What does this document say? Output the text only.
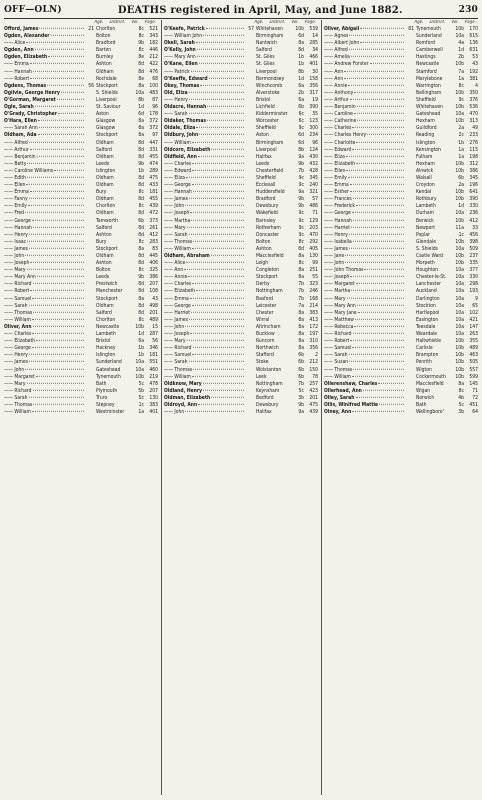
OFF—OLN)	DEATHS registered in April, May, and June 1882.	230
Age. District. Vol. Page.
Offord, James	21 Chorlton	8c	521
Ogden, Alexander	Bolton	8c	343
—— Alice	Bradford	9b	182
Ogden, Ann	Barton	8c	446
Ogden, Elizabeth	Burnley	8e	212
—— Emma	Ashton	8d	422
—— Hannah	Oldham	8d	476
—— Robert	Rochdale	8e	68
Ogdens, Thomas	56 Stockport	8a	100
Ogilvie, George Henry	S. Shields	10a	483
O'Gorman, Margaret	Liverpool	8b	87
Ogle, Sarah	St. Saviour	1d	96
O'Grady, Christopher	Aston	6d	178
O'Hara, Ellen	Glasgow	8a	372
—— Sarah Ann	Glasgow	8a	372
Oldham, Ada	Stockport	8a	97
—— Alfred	Oldham	8d	447
—— Arthur	Salford	8d	331
—— Benjamin	Oldham	8d	455
—— Betty	Leeds	9b	474
—— Caroline Williams	Islington	1b	289
—— Edith	Oldham	8d	475
—— Ellen	Oldham	8d	433
—— Emma	Bury	8c	181
—— Fanny	Oldham	8d	455
—— Emily	Chorlton	8c	439
—— Fred	Oldham	8d	472
—— George	Tamworth	6b	373
—— Hannah	Salford	8d	261
—— Henry	Ashton	8d	412
—— Isaac	Bury	8c	283
—— James	Stockport	8a	83
—— John	Oldham	8d	445
—— Joseph	Ashton	8d	406
—— Mary	Bolton	8c	325
—— Mary Ann	Leeds	9b	386
—— Richard	Prestwich	8d	207
—— Robert	Manchester	8d	108
—— Samuel	Stockport	8a	43
—— Sarah	Oldham	8d	498
—— Thomas	Salford	8d	201
—— William	Chorlton	8c	489
Oliver, Ann	Newcastle	10b	15
—— Charles	Lambeth	1d	287
—— Elizabeth	Bristol	6a	56
—— George	Hackney	1b	346
—— Henry	Islington	1b	181
—— James	Sunderland	10a	551
—— John	Gateshead	10a	460
—— Margaret	Tynemouth	10b	219
—— Mary	Bath	5c	478
—— Richard	Plymouth	5b	207
—— Sarah	Truro	5c	130
—— Thomas	Stepney	1c	383
—— William	Westminster	1a	401
Age. District. Vol. Page.
O'Keefe, Patrick	57 Whitehaven	10b	539
—— William John	Birmingham	6d	14
Okell, Sarah	Nantwich	8a	285
O'Kelly, John	Salford	8d	34
—— Mary Ann	St. Giles	1b	466
O'Kane, Ellen	St. Giles	1b	401
—— Patrick	Liverpool	8b	30
O'Keeffe, Edward	Bermondsey	1d	158
Okey, Thomas	Winchcomb	6a	356
Old, Eliza	Alverstoke	2b	317
—— Henry	Bristol	6a	19
Oldacre, Hannah	Lichfield	6b	390
—— Sarah	Kidderminster	6c	35
Oldaker, Thomas	Worcester	6c	123
Oldale, Eliza	Sheffield	9c	300
Oldbury, John	Aston	6d	234
—— William	Birmingham	6d	96
Oldcorn, Elizabeth	Liverpool	8b	124
Oldfield, Ann	Halifax	9a	430
—— Charles	Leeds	9b	432
—— Edward	Chesterfield	7b	428
—— Eliza	Sheffield	9c	345
—— George	Ecclesall	9c	240
—— Hannah	Huddersfield	9a	321
—— James	Bradford	9b	57
—— John	Dewsbury	9b	486
—— Joseph	Wakefield	9c	71
—— Martha	Barnsley	9c	129
—— Mary	Rotherham	9c	203
—— Sarah	Doncaster	9c	470
—— Thomas	Bolton	8c	292
—— William	Ashton	8d	405
Oldham, Abraham	Macclesfield	8a	130
—— Alice	Leigh	8c	99
—— Ann	Congleton	8a	251
—— Annie	Stockport	8a	55
—— Charles	Derby	7b	323
—— Elizabeth	Nottingham	7b	246
—— Emma	Basford	7b	168
—— George	Leicester	7a	214
—— Harriet	Chester	8a	383
—— James	Wirral	8a	413
—— John	Altrincham	8a	172
—— Joseph	Bucklow	8a	197
—— Mary	Runcorn	8a	310
—— Richard	Northwich	8a	356
—— Samuel	Stafford	6b	2
—— Sarah	Stoke	6b	212
—— Thomas	Wolstanton	6b	150
—— William	Leek	6b	78
Oldknow, Mary	Nottingham	7b	257
Oldland, Henry	Keynsham	5c	423
Oldman, Elizabeth	Bedford	3b	201
Oldroyd, Ann	Dewsbury	9b	475
—— John	Halifax	9a	439
Age. District. Vol. Page.
Oliver, Abigail	81 Tynemouth	10b	170
—— Agnes	Sunderland	10a	615
—— Albert John	Romford	4a	136
—— Alfred	Camberwell	1d	631
—— Amelia	Hastings	2b	53
—— Andrew Forster	Newcastle	10b	43
—— Ann	Stamford	7a	192
—— Ann	Marylebone	1a	381
—— Annie	Warrington	8c	4
—— Anthony	Bellingham	10b	350
—— Arthur	Sheffield	9c	376
—— Benjamin	Whitehaven	10b	536
—— Caroline	Gateshead	10a	470
—— Catherine	Hexham	10b	313
—— Charles	Guildford	2a	49
—— Charles Henry	Reading	2c	233
—— Charlotte	Islington	1b	276
—— Edward	Kensington	1a	115
—— Eliza	Fulham	1a	198
—— Elizabeth	Hexham	10b	312
—— Ellen	Alnwick	10b	386
—— Emily	Walsall	6b	345
—— Emma	Croydon	2a	196
—— Esther	Kendal	10b	641
—— Frances	Rothbury	10b	390
—— Frederick	Lambeth	1d	330
—— George	Durham	10a	236
—— Hannah	Berwick	10b	412
—— Harriet	Newport	11a	33
—— Henry	Poplar	1c	456
—— Isabella	Glendale	10b	398
—— James	S. Shields	10a	509
—— Jane	Castle Ward	10b	237
—— John	Morpeth	10b	335
—— John Thomas	Houghton	10a	377
—— Joseph	Chester-le-St.	10a	330
—— Margaret	Lanchester	10a	298
—— Martha	Auckland	10a	193
—— Mary	Darlington	10a	9
—— Mary Ann	Stockton	10a	65
—— Mary Jane	Hartlepool	10a	102
—— Matthew	Easington	10a	421
—— Rebecca	Teesdale	10a	147
—— Richard	Weardale	10a	263
—— Robert	Haltwhistle	10b	355
—— Samuel	Carlisle	10b	489
—— Sarah	Brampton	10b	463
—— Susan	Penrith	10b	505
—— Thomas	Wigton	10b	557
—— William	Cockermouth	10b	599
Ollerenshaw, Charles	Macclesfield	8a	145
Ollerhead, Ann	Wigan	8c	71
Olley, Sarah	Norwich	4b	72
Ollis, Winifred Mattie	Bath	5c	451
Olney, Ann	Wellingboro'	3b	64
